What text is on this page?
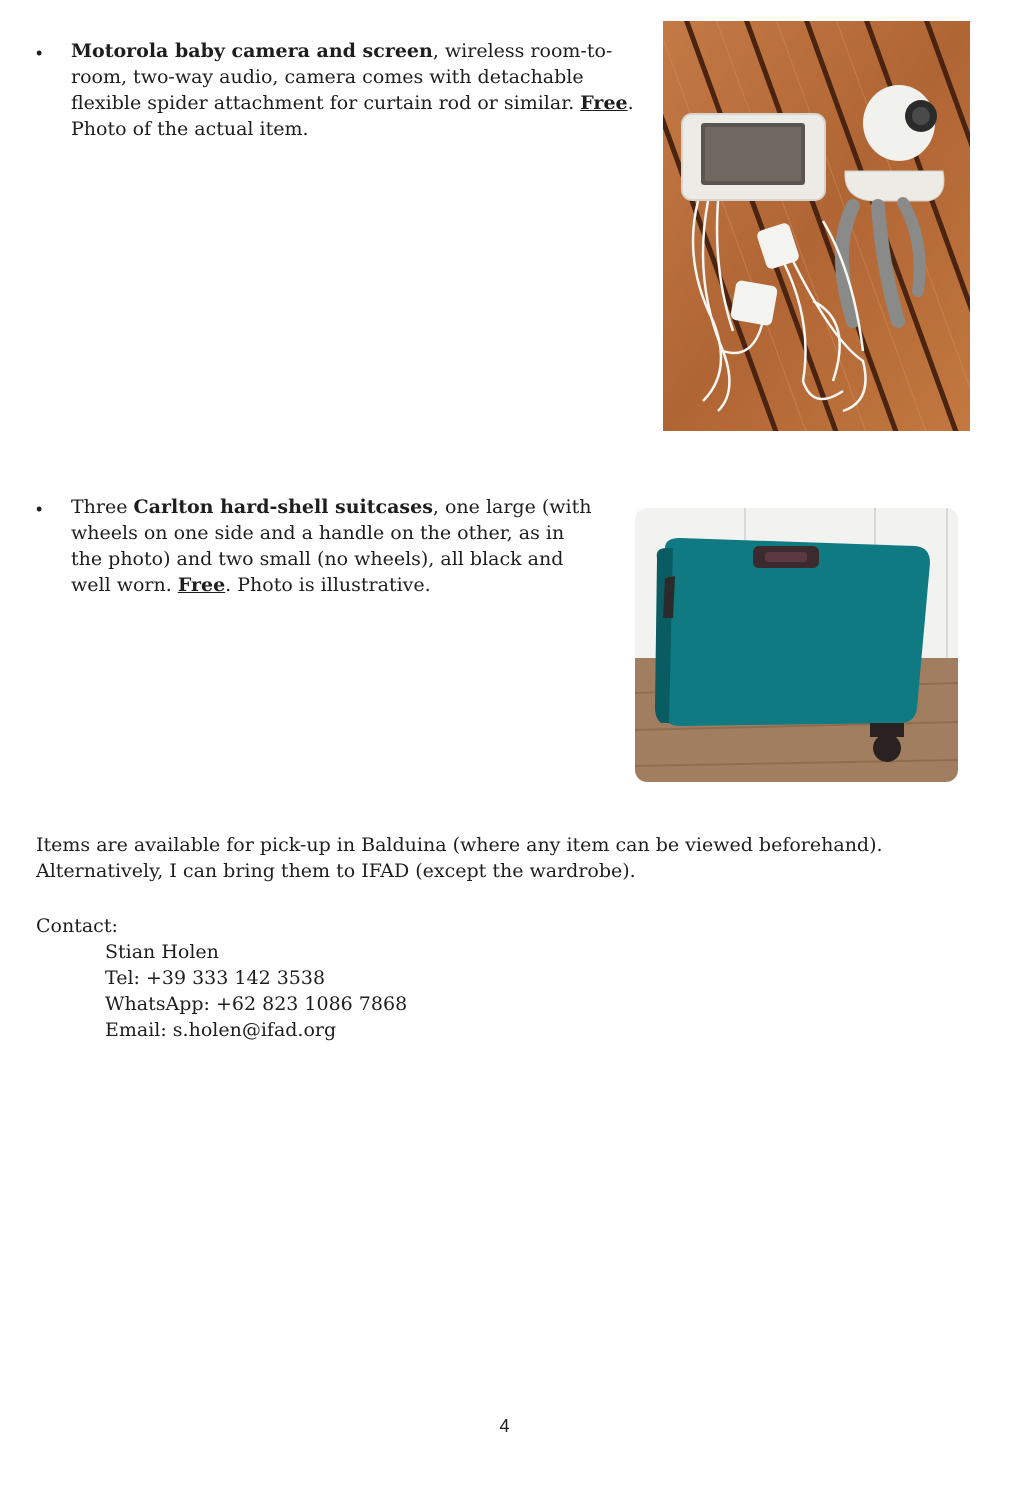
• Motorola baby camera and screen, wireless room-to-room, two-way audio, camera comes with detachable flexible spider attachment for curtain rod or similar. Free. Photo of the actual item.
• Three Carlton hard-shell suitcases, one large (with wheels on one side and a handle on the other, as in the photo) and two small (no wheels), all black and well worn. Free. Photo is illustrative.
Items are available for pick-up in Balduina (where any item can be viewed beforehand).
Alternatively, I can bring them to IFAD (except the wardrobe).
Contact:
Stian Holen
Tel: +39 333 142 3538
WhatsApp: +62 823 1086 7868
Email: s.holen@ifad.org
4
